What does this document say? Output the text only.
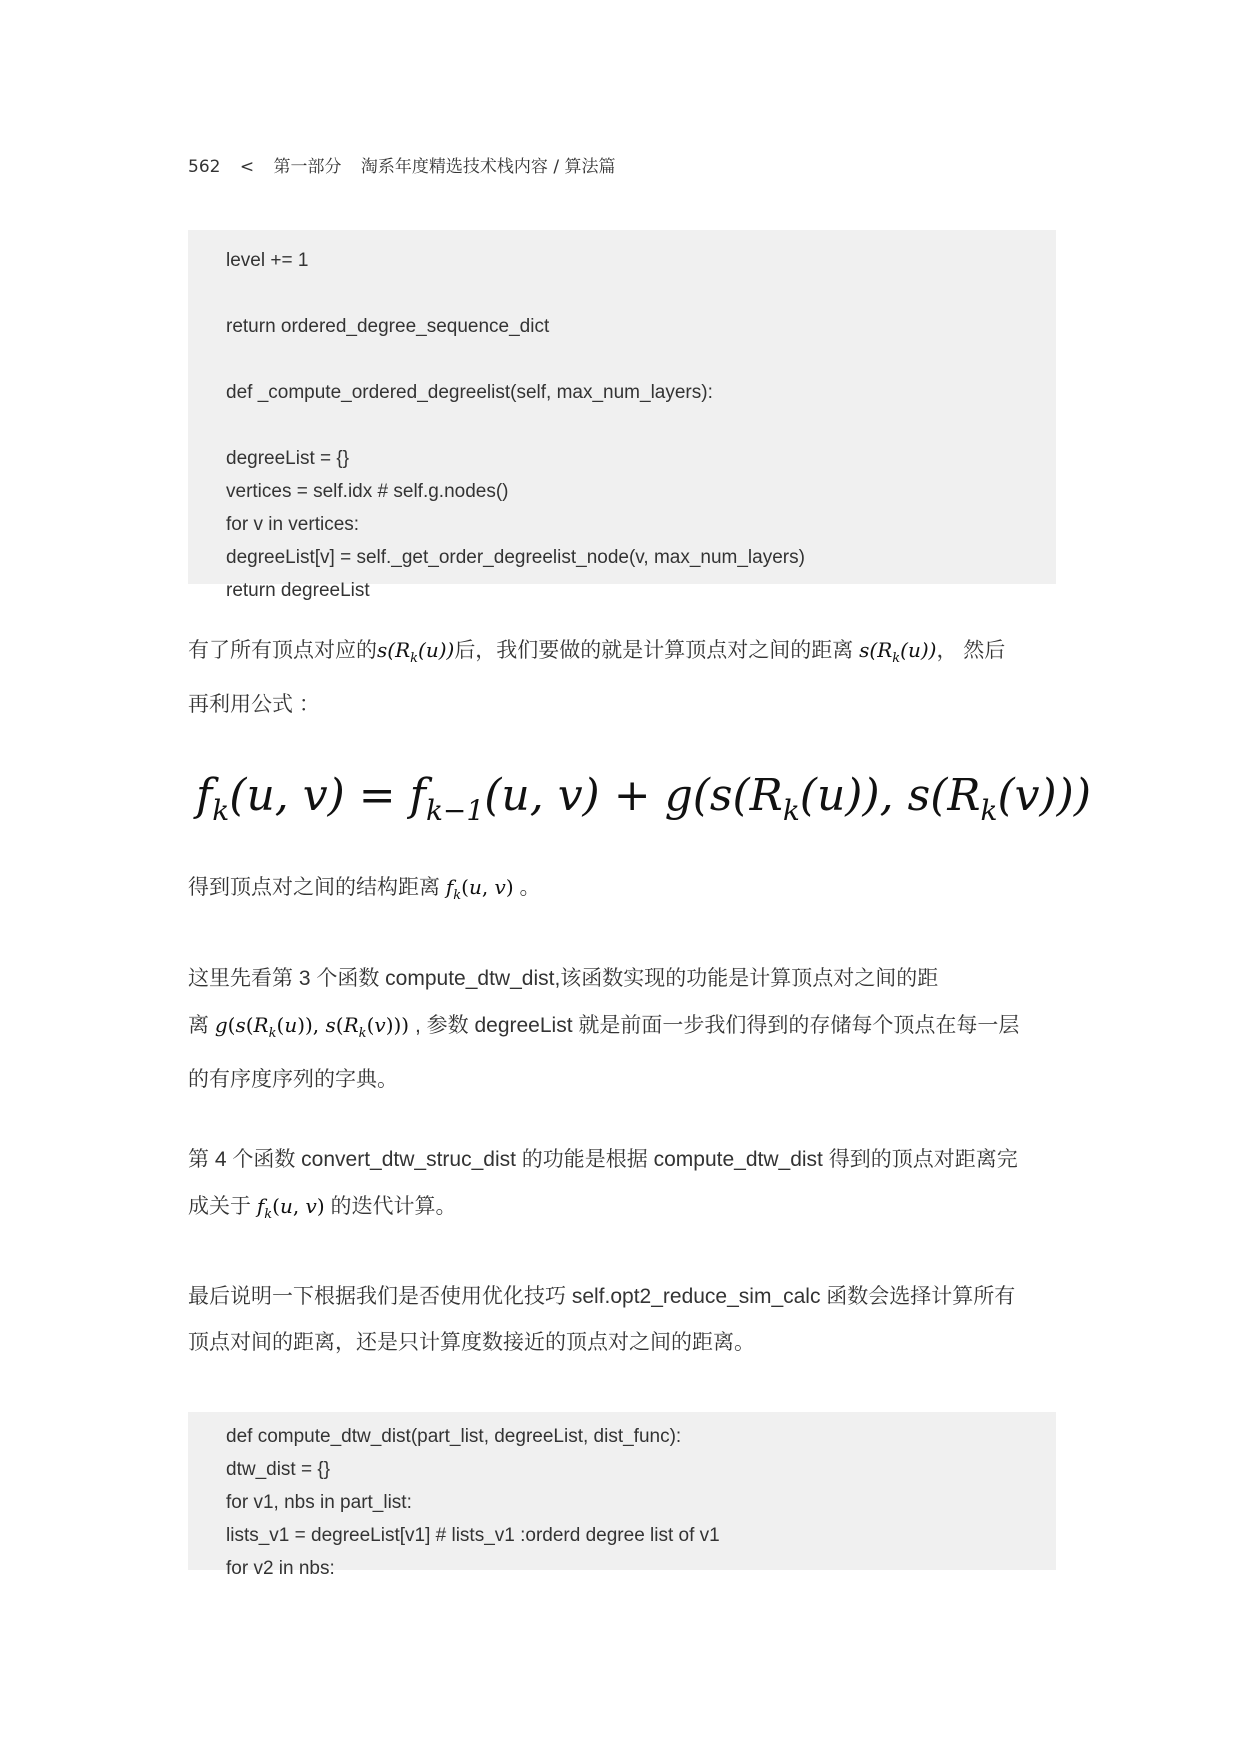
562 < 第一部分 淘系年度精选技术栈内容 / 算法篇
level += 1
return ordered_degree_sequence_dict
def _compute_ordered_degreelist(self, max_num_layers):
degreeList = {}
vertices = self.idx # self.g.nodes()
for v in vertices:
degreeList[v] = self._get_order_degreelist_node(v, max_num_layers)
return degreeList
有了所有顶点对应的$s(R_k(u))$后，我们要做的就是计算顶点对之间的距离 $s(R_k(u))$， 然后
再利用公式 ：
$f_k(u$, $v) = f_{k-1}(u$, $v) + g(s(R_k(u))$, $s(R_k(v))$)
得到顶点对之间的结构距离 $f_k(u$, v) 。
这里先看第 3 个函数 compute_dtw_dist,该函数实现的功能是计算顶点对之间的距
离 $g(s(R_k(u))$, $s(R_k(v))$) , 参数 degreeList 就是前面一步我们得到的存储每个顶点在每一层
的有序度序列的字典。
第 4 个函数 convert_dtw_struc_dist 的功能是根据 compute_dtw_dist 得到的顶点对距离完
成关于 $f_k(u$, v) 的迭代计算。
最后说明一下根据我们是否使用优化技巧 self.opt2_reduce_sim_calc 函数会选择计算所有
顶点对间的距离，还是只计算度数接近的顶点对之间的距离。
def compute_dtw_dist(part_list, degreeList, dist_func):
dtw_dist = {}
for v1, nbs in part_list:
lists_v1 = degreeList[v1] # lists_v1 :orderd degree list of v1
for v2 in nbs:
